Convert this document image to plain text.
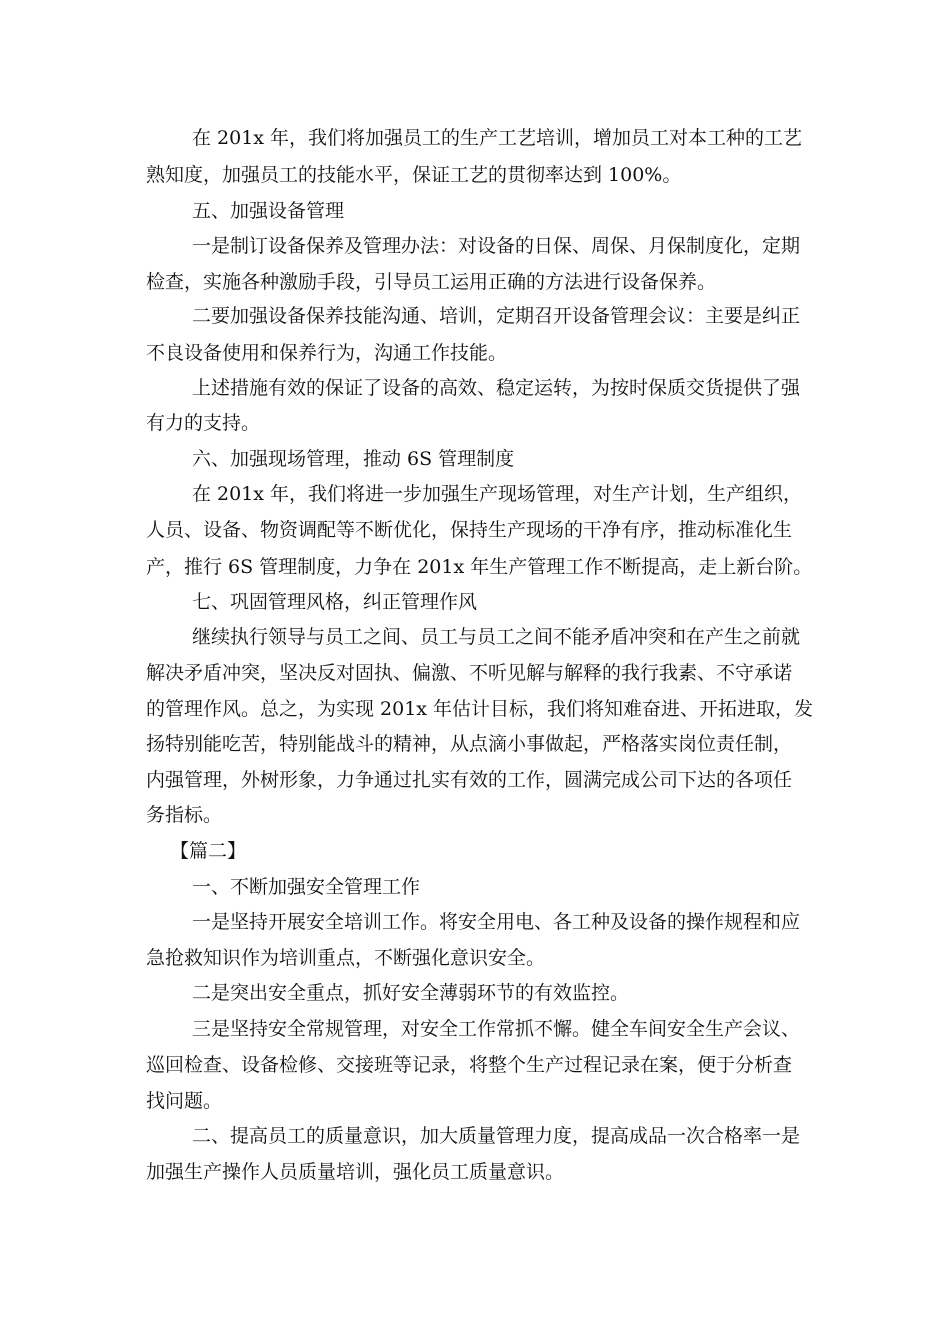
在 201x 年，我们将加强员工的生产工艺培训，增加员工对本工种的工艺
熟知度，加强员工的技能水平，保证工艺的贯彻率达到 100%。
五、加强设备管理
一是制订设备保养及管理办法：对设备的日保、周保、月保制度化，定期
检查，实施各种激励手段，引导员工运用正确的方法进行设备保养。
二要加强设备保养技能沟通、培训，定期召开设备管理会议：主要是纠正
不良设备使用和保养行为，沟通工作技能。
上述措施有效的保证了设备的高效、稳定运转，为按时保质交货提供了强
有力的支持。
六、加强现场管理，推动 6S 管理制度
在 201x 年，我们将进一步加强生产现场管理，对生产计划，生产组织，
人员、设备、物资调配等不断优化，保持生产现场的干净有序，推动标准化生
产，推行 6S 管理制度，力争在 201x 年生产管理工作不断提高，走上新台阶。
七、巩固管理风格，纠正管理作风
继续执行领导与员工之间、员工与员工之间不能矛盾冲突和在产生之前就
解决矛盾冲突，坚决反对固执、偏激、不听见解与解释的我行我素、不守承诺
的管理作风。总之，为实现 201x 年估计目标，我们将知难奋进、开拓进取，发
扬特别能吃苦，特别能战斗的精神，从点滴小事做起，严格落实岗位责任制，
内强管理，外树形象，力争通过扎实有效的工作，圆满完成公司下达的各项任
务指标。
【篇二】
一、不断加强安全管理工作
一是坚持开展安全培训工作。将安全用电、各工种及设备的操作规程和应
急抢救知识作为培训重点，不断强化意识安全。
二是突出安全重点，抓好安全薄弱环节的有效监控。
三是坚持安全常规管理，对安全工作常抓不懈。健全车间安全生产会议、
巡回检查、设备检修、交接班等记录，将整个生产过程记录在案，便于分析查
找问题。
二、提高员工的质量意识，加大质量管理力度，提高成品一次合格率一是
加强生产操作人员质量培训，强化员工质量意识。
